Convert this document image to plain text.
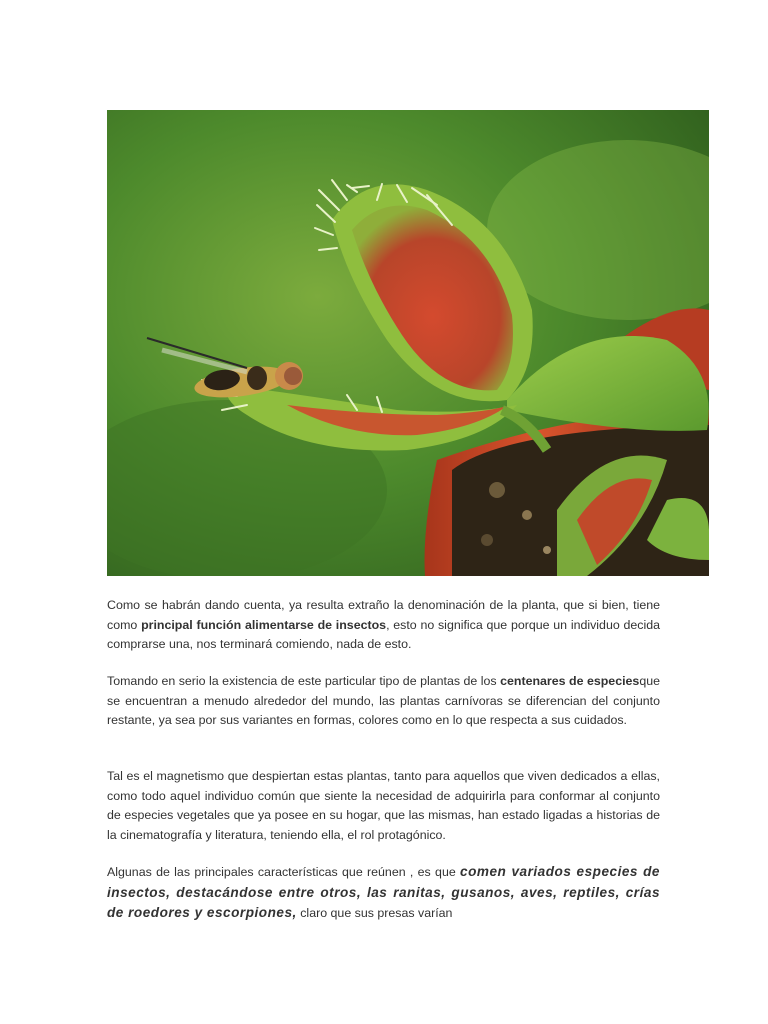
Como se habrán dando cuenta, ya resulta extraño la denominación de la planta, que si bien, tiene como principal función alimentarse de insectos, esto no significa que porque un individuo decida comprarse una, nos terminará comiendo, nada de esto.
Tomando en serio la existencia de este particular tipo de plantas de los centenares de especiesque se encuentran a menudo alrededor del mundo, las plantas carnívoras se diferencian del conjunto restante, ya sea por sus variantes en formas, colores como en lo que respecta a sus cuidados.
Tal es el magnetismo que despiertan estas plantas, tanto para aquellos que viven dedicados a ellas, como todo aquel individuo común que siente la necesidad de adquirirla para conformar al conjunto de especies vegetales que ya posee en su hogar, que las mismas, han estado ligadas a historias de la cinematografía y literatura, teniendo ella, el rol protagónico.
Algunas de las principales características que reúnen , es que comen variados especies de insectos, destacándose entre otros, las ranitas, gusanos, aves, reptiles, crías de roedores y escorpiones, claro que sus presas varían
